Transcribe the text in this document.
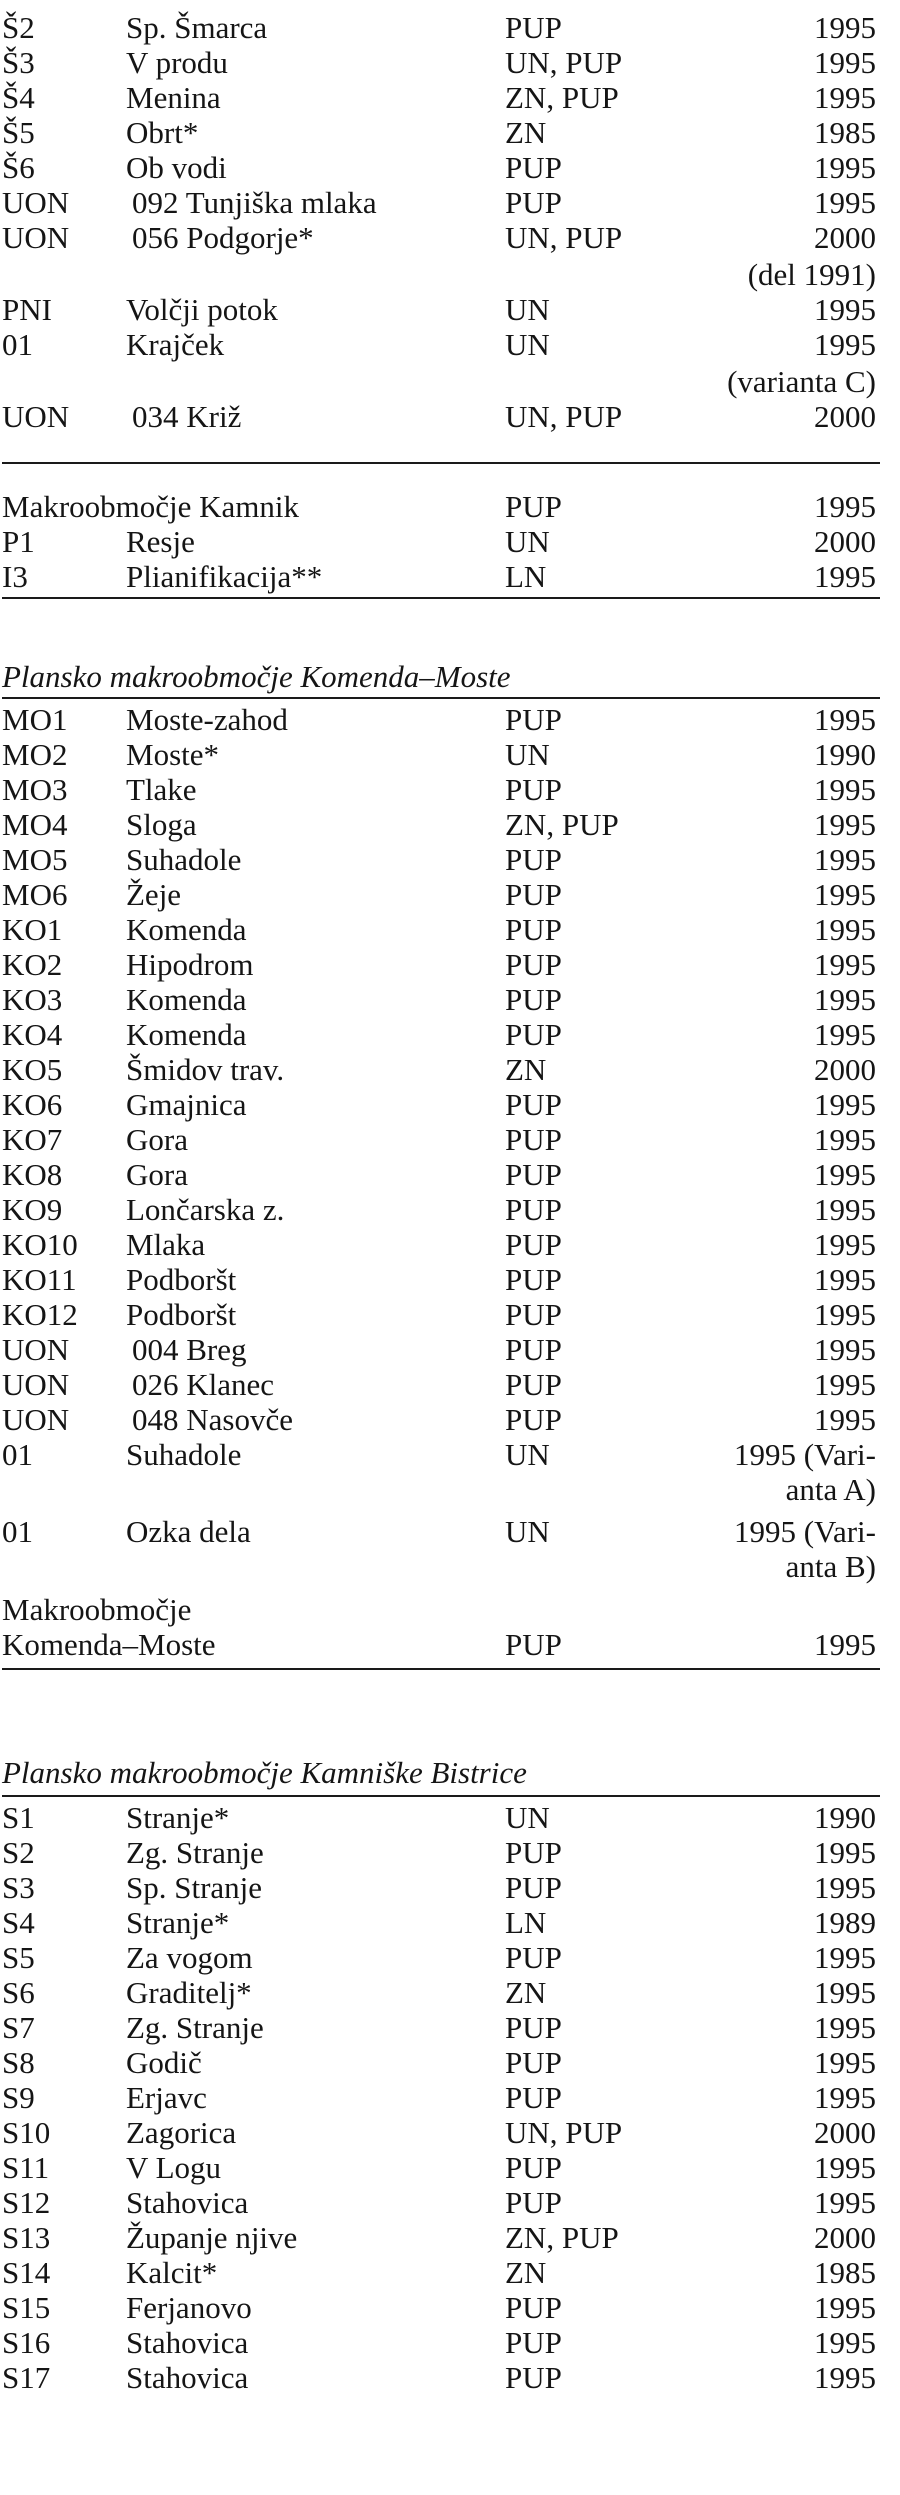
Š2	Sp. Šmarca	PUP	1995
Š3	V produ	UN, PUP	1995
Š4	Menina	ZN, PUP	1995
Š5	Obrt*	ZN	1985
Š6	Ob vodi	PUP	1995
UON 092 Tunjiška mlaka	PUP	1995
UON 056 Podgorje*	UN, PUP	2000
(del 1991)
PNI Volčji potok	UN	1995
01	Krajček	UN	1995
(varianta C)
UON 034 Križ	UN, PUP	2000
Makroobmočje Kamnik	PUP	1995
P1	Resje	UN	2000
I3	Plianifikacija**	LN	1995
Plansko makroobmočje Komenda–Moste
MO1 Moste-zahod	PUP	1995
MO2 Moste*	UN	1990
MO3 Tlake	PUP	1995
MO4 Sloga	ZN, PUP	1995
MO5 Suhadole	PUP	1995
MO6 Žeje	PUP	1995
KO1 Komenda	PUP	1995
KO2 Hipodrom	PUP	1995
KO3 Komenda	PUP	1995
KO4 Komenda	PUP	1995
KO5 Šmidov trav.	ZN	2000
KO6 Gmajnica	PUP	1995
KO7 Gora	PUP	1995
KO8 Gora	PUP	1995
KO9 Lončarska z.	PUP	1995
KO10 Mlaka	PUP	1995
KO11 Podboršt	PUP	1995
KO12 Podboršt	PUP	1995
UON 004 Breg	PUP	1995
UON 026 Klanec	PUP	1995
UON 048 Nasovče	PUP	1995
01	Suhadole	UN	1995 (Vari-
anta A)
01	Ozka dela	UN	1995 (Vari-
anta B)
Makroobmočje
Komenda–Moste	PUP	1995
Plansko makroobmočje Kamniške Bistrice
S1	Stranje*	UN	1990
S2	Zg. Stranje	PUP	1995
S3	Sp. Stranje	PUP	1995
S4	Stranje*	LN	1989
S5	Za vogom	PUP	1995
S6	Graditelj*	ZN	1995
S7	Zg. Stranje	PUP	1995
S8	Godič	PUP	1995
S9	Erjavc	PUP	1995
S10 Zagorica	UN, PUP	2000
S11 V Logu	PUP	1995
S12 Stahovica	PUP	1995
S13 Županje njive	ZN, PUP	2000
S14 Kalcit*	ZN	1985
S15 Ferjanovo	PUP	1995
S16 Stahovica	PUP	1995
S17 Stahovica	PUP	1995
